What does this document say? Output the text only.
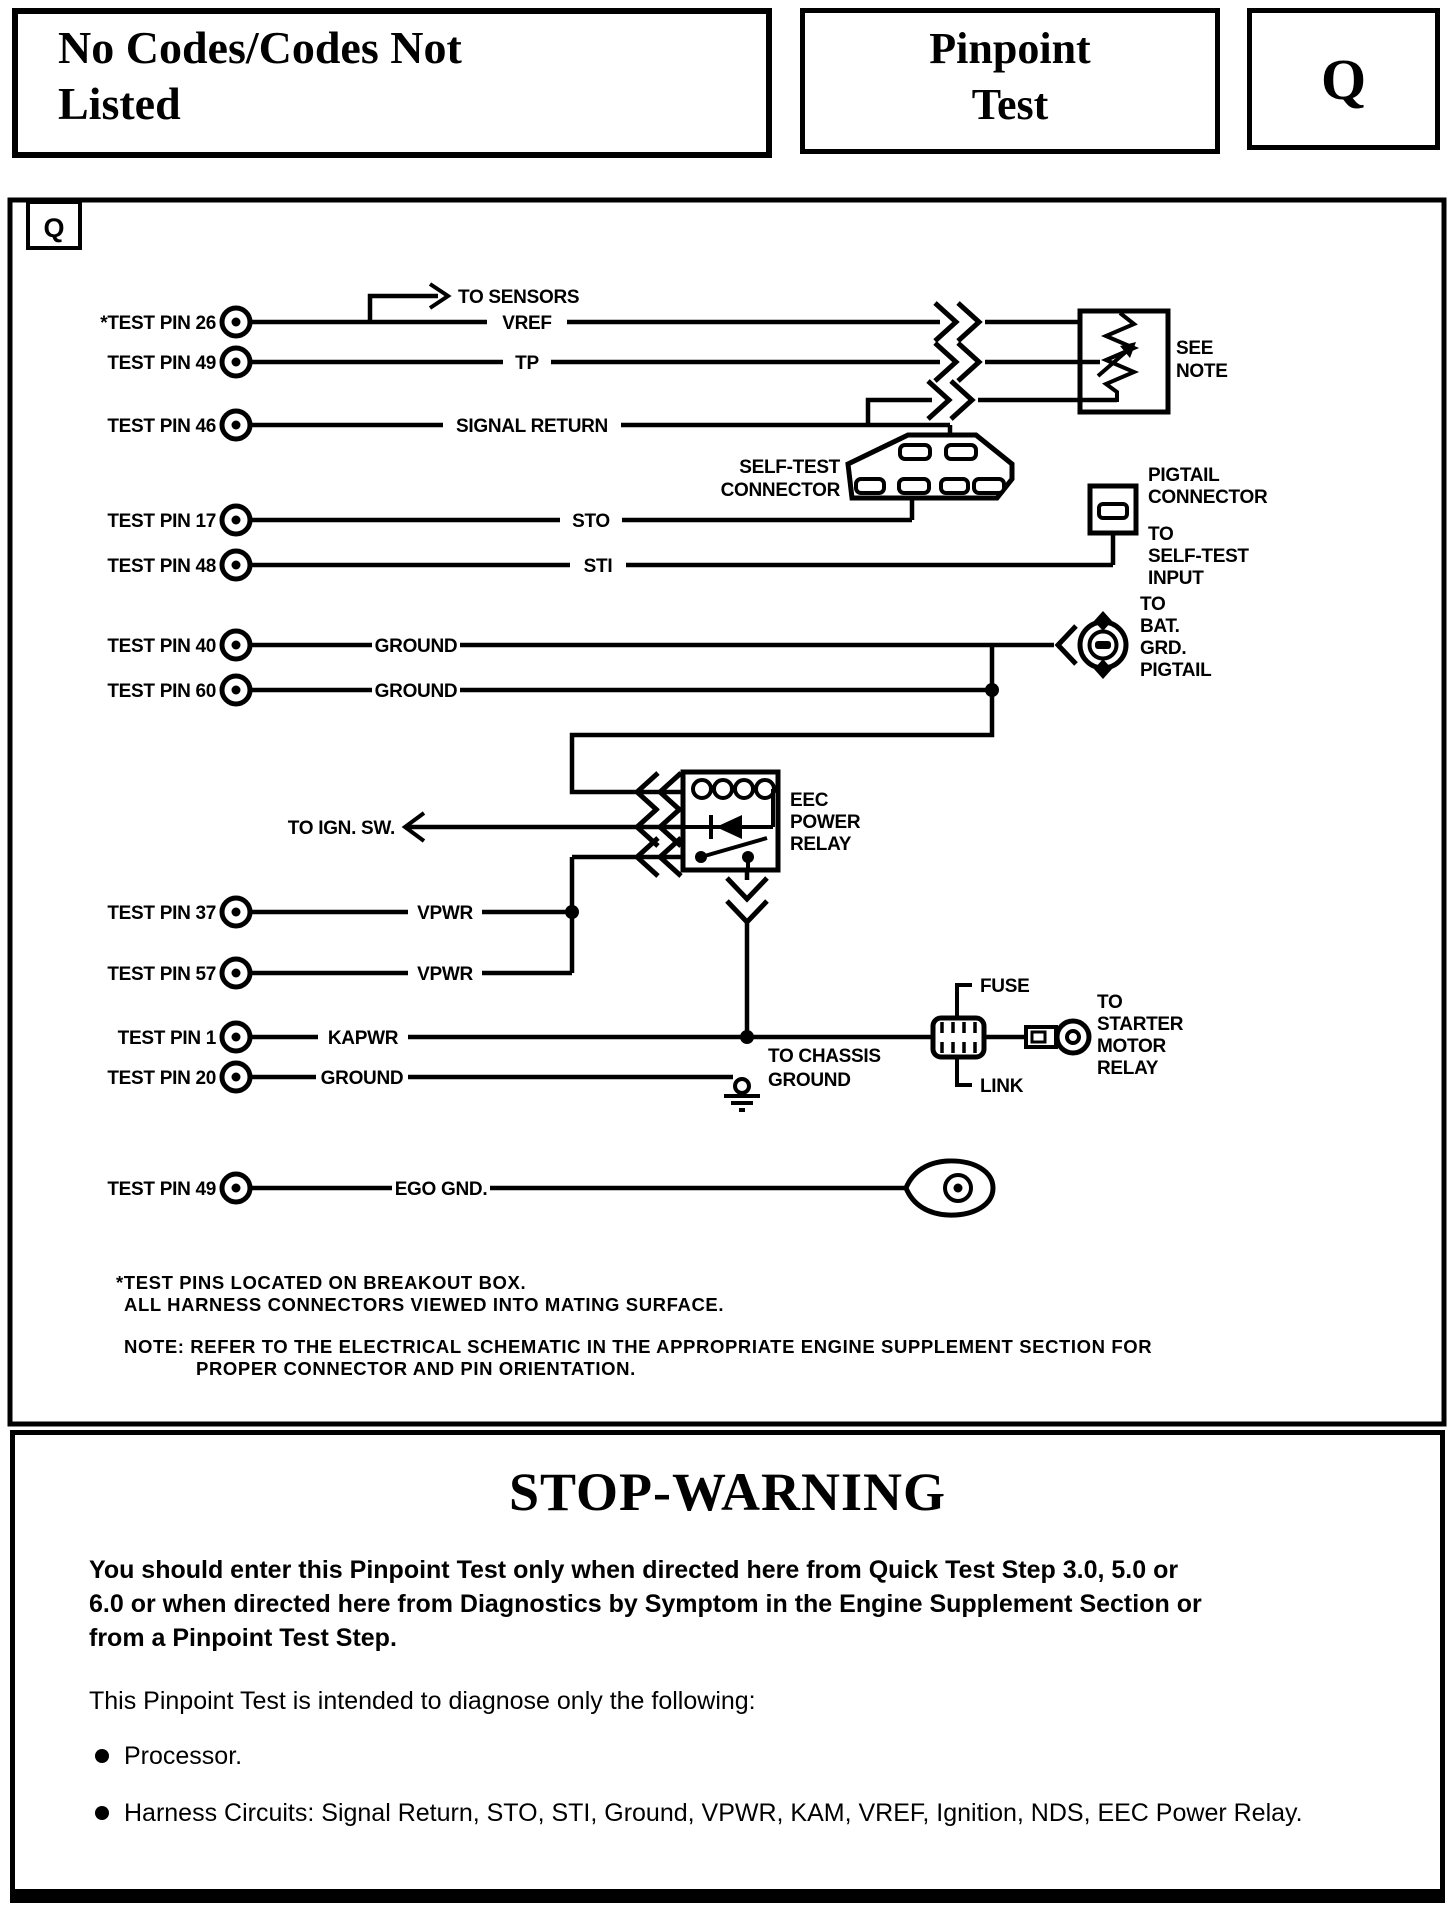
No Codes/Codes Not
Listed
Pinpoint
Test	Q
Q
*TEST PIN 26
TEST PIN 49
TEST PIN 46
TEST PIN 17
TEST PIN 48
TEST PIN 40
TEST PIN 60
TEST PIN 37
TEST PIN 57
TEST PIN 1
TEST PIN 20
TEST PIN 49
VREF
TP
SIGNAL RETURN
STO
STI
GROUND
GROUND
VPWR
VPWR
KAPWR
GROUND
EGO GND.
TO SENSORS
SEE
NOTE
SELF-TEST
CONNECTOR
PIGTAIL
CONNECTOR
TO
SELF-TEST
INPUT
TO
BAT.
GRD.
PIGTAIL
TO IGN. SW.
EEC
POWER
RELAY
FUSE
LINK
TO CHASSIS
GROUND
TO
STARTER
MOTOR
RELAY
*TEST PINS LOCATED ON BREAKOUT BOX.
ALL HARNESS CONNECTORS VIEWED INTO MATING SURFACE.
NOTE: REFER TO THE ELECTRICAL SCHEMATIC IN THE APPROPRIATE ENGINE SUPPLEMENT SECTION FOR
PROPER CONNECTOR AND PIN ORIENTATION.
STOP-WARNING
You should enter this Pinpoint Test only when directed here from Quick Test Step 3.0, 5.0 or
6.0 or when directed here from Diagnostics by Symptom in the Engine Supplement Section or
from a Pinpoint Test Step.
This Pinpoint Test is intended to diagnose only the following:
Processor.
Harness Circuits: Signal Return, STO, STI, Ground, VPWR, KAM, VREF, Ignition, NDS, EEC Power Relay.
